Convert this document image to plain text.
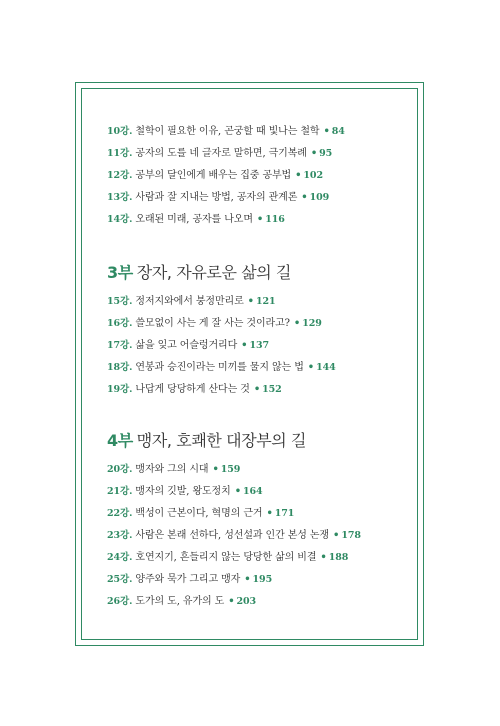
10강. 철학이 필요한 이유, 곤궁할 때 빛나는 철학 • 84
11강. 공자의 도를 네 글자로 말하면, 극기복례 • 95
12강. 공부의 달인에게 배우는 집중 공부법 • 102
13강. 사람과 잘 지내는 방법, 공자의 관계론 • 109
14강. 오래된 미래, 공자를 나오며 • 116
3부 장자, 자유로운 삶의 길
15강. 정저지와에서 붕정만리로 • 121
16강. 쓸모없이 사는 게 잘 사는 것이라고? • 129
17강. 삶을 잊고 어슬렁거리다 • 137
18강. 연봉과 승진이라는 미끼를 물지 않는 법 • 144
19강. 나답게 당당하게 산다는 것 • 152
4부 맹자, 호쾌한 대장부의 길
20강. 맹자와 그의 시대 • 159
21강. 맹자의 깃발, 왕도정치 • 164
22강. 백성이 근본이다, 혁명의 근거 • 171
23강. 사람은 본래 선하다, 성선설과 인간 본성 논쟁 • 178
24강. 호연지기, 흔들리지 않는 당당한 삶의 비결 • 188
25강. 양주와 묵가 그리고 맹자 • 195
26강. 도가의 도, 유가의 도 • 203
